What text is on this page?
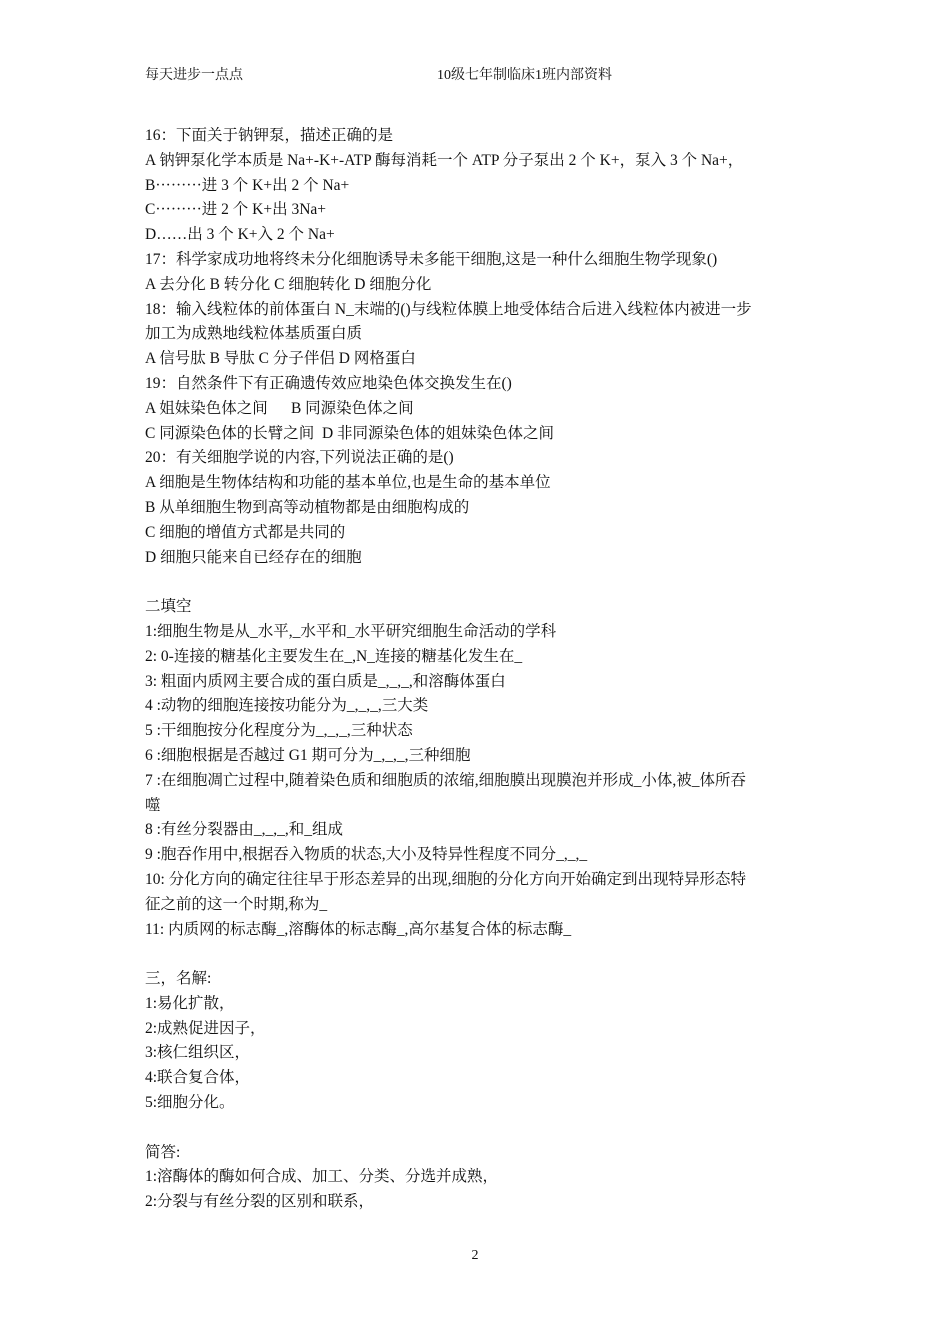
每天进步一点点	10级七年制临床1班内部资料
16：下面关于钠钾泵，描述正确的是
A 钠钾泵化学本质是 Na+-K+-ATP 酶每消耗一个 ATP 分子泵出 2 个 K+，泵入 3 个 Na+，
B·········进 3 个 K+出 2 个 Na+
C·········进 2 个 K+出 3Na+
D……出 3 个 K+入 2 个 Na+
17：科学家成功地将终未分化细胞诱导未多能干细胞,这是一种什么细胞生物学现象()
A 去分化 B 转分化 C 细胞转化 D 细胞分化
18：输入线粒体的前体蛋白 N_末端的()与线粒体膜上地受体结合后进入线粒体内被进一步
加工为成熟地线粒体基质蛋白质
A 信号肽 B 导肽 C 分子伴侣 D 网格蛋白
19：自然条件下有正确遗传效应地染色体交换发生在()
A 姐妹染色体之间      B 同源染色体之间
C 同源染色体的长臂之间  D 非同源染色体的姐妹染色体之间
20：有关细胞学说的内容,下列说法正确的是()
A 细胞是生物体结构和功能的基本单位,也是生命的基本单位
B 从单细胞生物到高等动植物都是由细胞构成的
C 细胞的增值方式都是共同的
D 细胞只能来自已经存在的细胞
二填空
1:细胞生物是从_水平,_水平和_水平研究细胞生命活动的学科
2: 0-连接的糖基化主要发生在_,N_连接的糖基化发生在_
3: 粗面内质网主要合成的蛋白质是_,_,_,和溶酶体蛋白
4 :动物的细胞连接按功能分为_,_,_,三大类
5 :干细胞按分化程度分为_,_,_,三种状态
6 :细胞根据是否越过 G1 期可分为_,_,_,三种细胞
7 :在细胞凋亡过程中,随着染色质和细胞质的浓缩,细胞膜出现膜泡并形成_小体,被_体所吞
噬
8 :有丝分裂器由_,_,_,和_组成
9 :胞吞作用中,根据吞入物质的状态,大小及特异性程度不同分_,_,_
10: 分化方向的确定往往早于形态差异的出现,细胞的分化方向开始确定到出现特异形态特
征之前的这一个时期,称为_
11: 内质网的标志酶_,溶酶体的标志酶_,高尔基复合体的标志酶_
三，名解:
1:易化扩散，
2:成熟促进因子，
3:核仁组织区，
4:联合复合体，
5:细胞分化。
简答:
1:溶酶体的酶如何合成、加工、分类、分选并成熟，
2:分裂与有丝分裂的区别和联系，
2
